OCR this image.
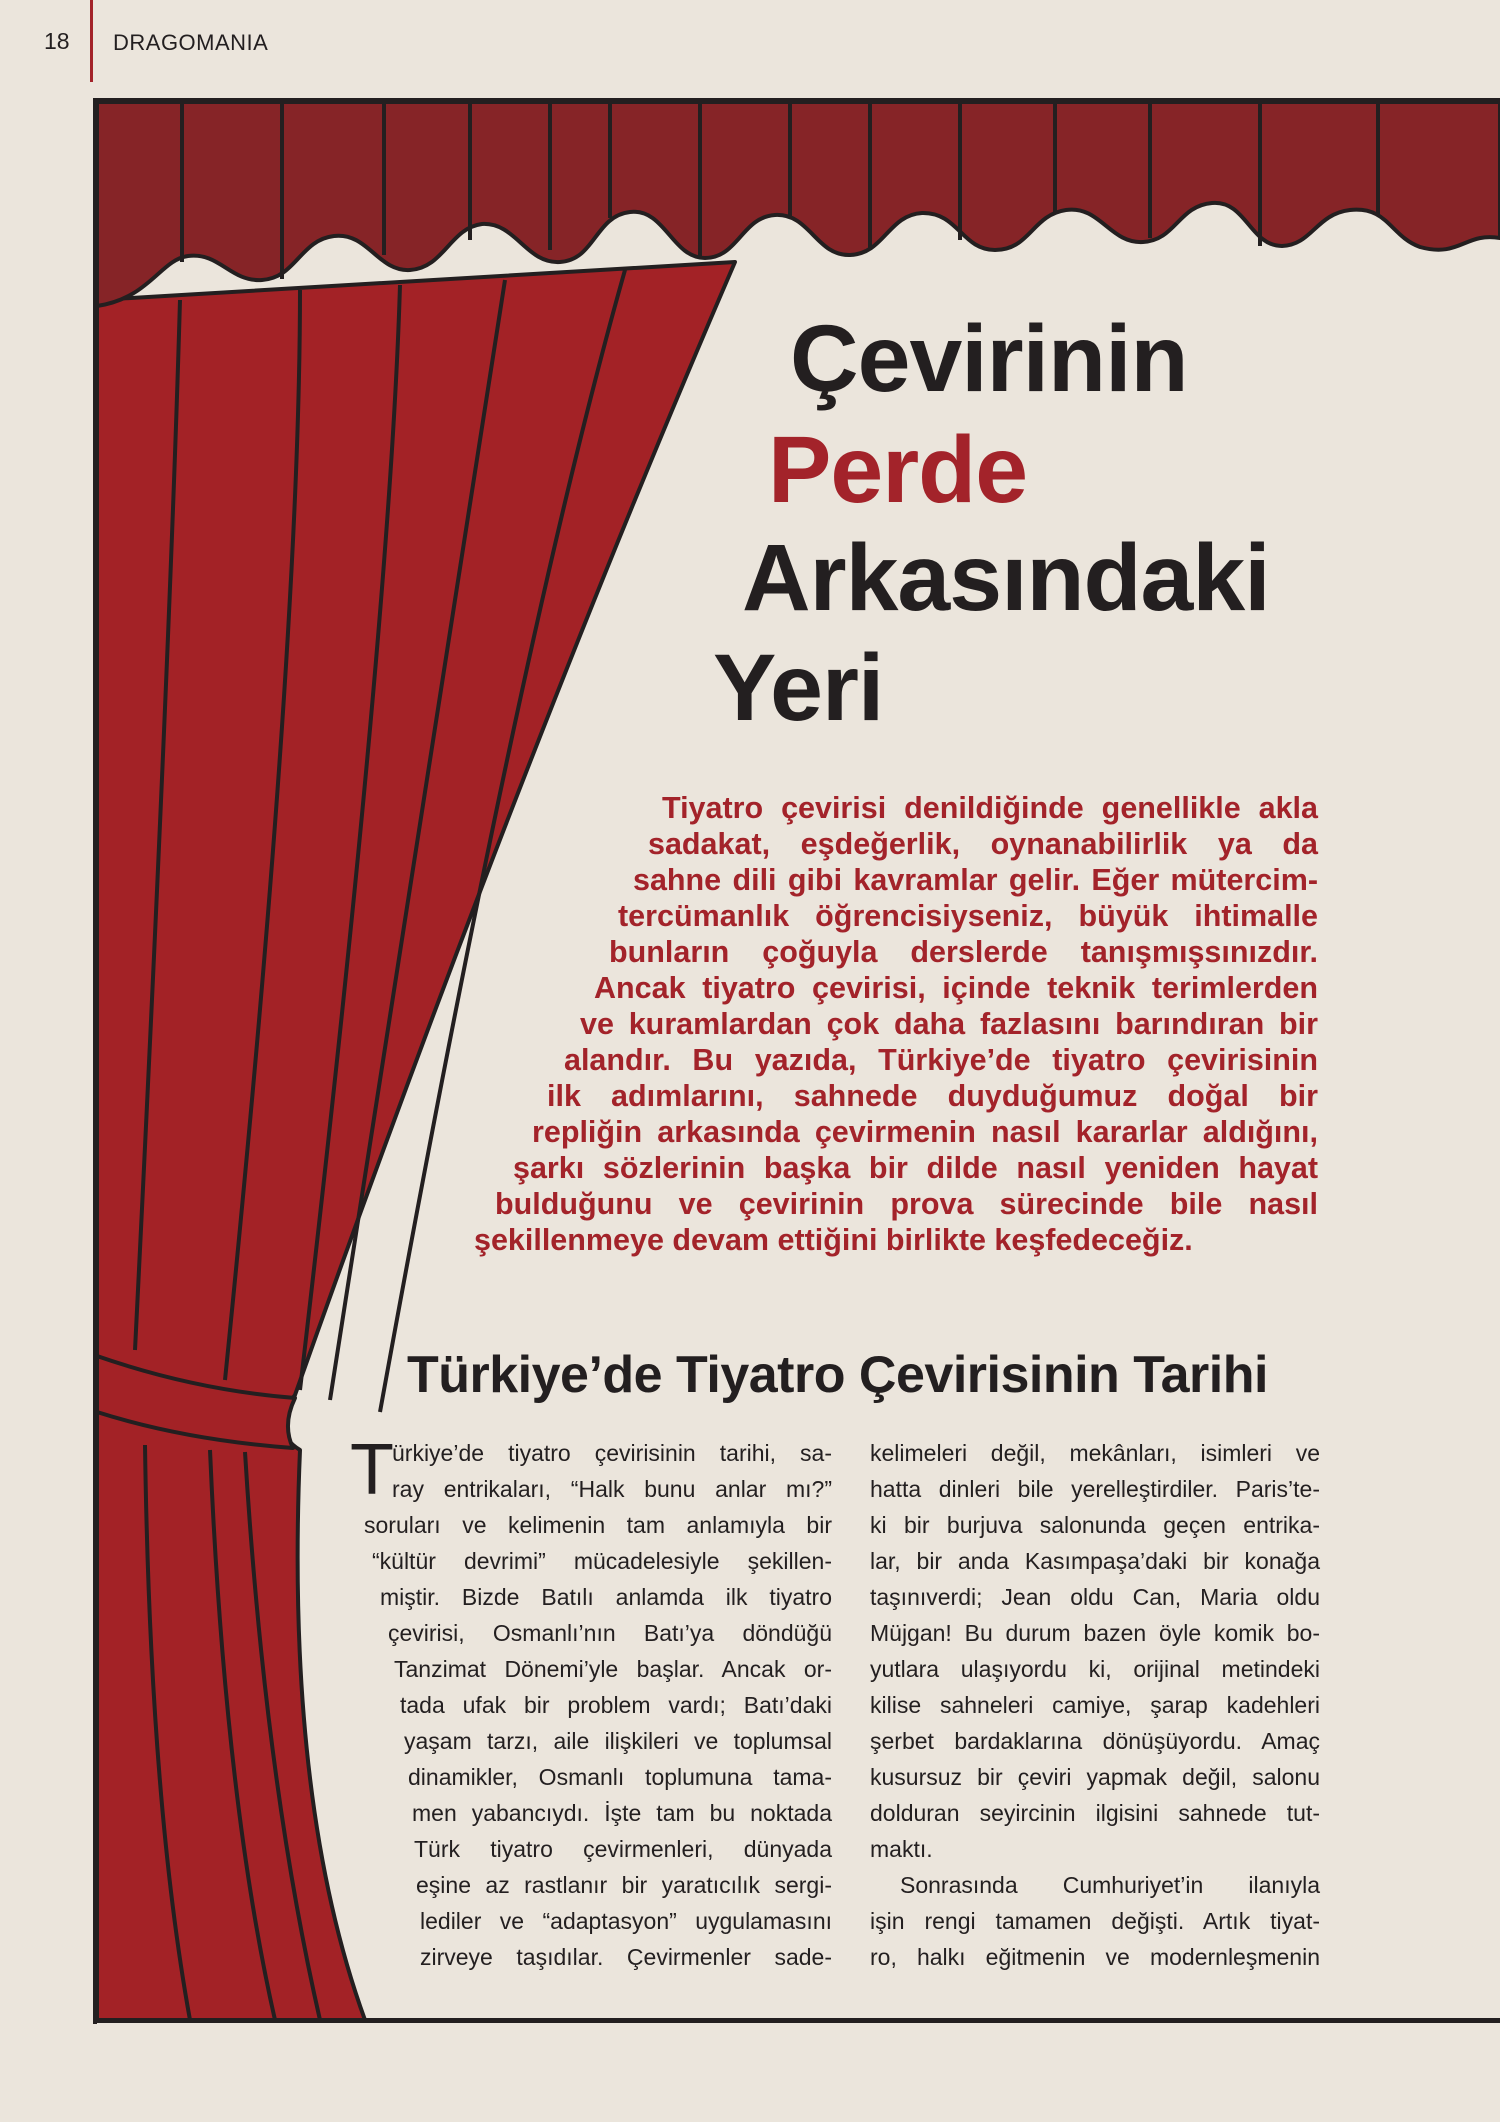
18 DRAGOMANIA
Çevirinin
Perde
Arkasındaki
Yeri
Tiyatro çevirisi denildiğinde genellikle akla
sadakat, eşdeğerlik, oynanabilirlik ya da
sahne dili gibi kavramlar gelir. Eğer mütercim-
tercümanlık öğrencisiyseniz, büyük ihtimalle
bunların çoğuyla derslerde tanışmışsınızdır.
Ancak tiyatro çevirisi, içinde teknik terimlerden
ve kuramlardan çok daha fazlasını barındıran bir
alandır. Bu yazıda, Türkiye’de tiyatro çevirisinin
ilk adımlarını, sahnede duyduğumuz doğal bir
repliğin arkasında çevirmenin nasıl kararlar aldığını,
şarkı sözlerinin başka bir dilde nasıl yeniden hayat
bulduğunu ve çevirinin prova sürecinde bile nasıl
şekillenmeye devam ettiğini birlikte keşfedeceğiz.
Türkiye’de Tiyatro Çevirisinin Tarihi
T
ürkiye’de tiyatro çevirisinin tarihi, sa-
ray entrikaları, “Halk bunu anlar mı?”
soruları ve kelimenin tam anlamıyla bir
“kültür devrimi” mücadelesiyle şekillen-
miştir. Bizde Batılı anlamda ilk tiyatro
çevirisi, Osmanlı’nın Batı’ya döndüğü
Tanzimat Dönemi’yle başlar. Ancak or-
tada ufak bir problem vardı; Batı’daki
yaşam tarzı, aile ilişkileri ve toplumsal
dinamikler, Osmanlı toplumuna tama-
men yabancıydı. İşte tam bu noktada
Türk tiyatro çevirmenleri, dünyada
eşine az rastlanır bir yaratıcılık sergi-
lediler ve “adaptasyon” uygulamasını
zirveye taşıdılar. Çevirmenler sade-
kelimeleri değil, mekânları, isimleri ve
hatta dinleri bile yerelleştirdiler. Paris’te-
ki bir burjuva salonunda geçen entrika-
lar, bir anda Kasımpaşa’daki bir konağa
taşınıverdi; Jean oldu Can, Maria oldu
Müjgan! Bu durum bazen öyle komik bo-
yutlara ulaşıyordu ki, orijinal metindeki
kilise sahneleri camiye, şarap kadehleri
şerbet bardaklarına dönüşüyordu. Amaç
kusursuz bir çeviri yapmak değil, salonu
dolduran seyircinin ilgisini sahnede tut-
maktı.
Sonrasında Cumhuriyet’in ilanıyla
işin rengi tamamen değişti. Artık tiyat-
ro, halkı eğitmenin ve modernleşmenin
